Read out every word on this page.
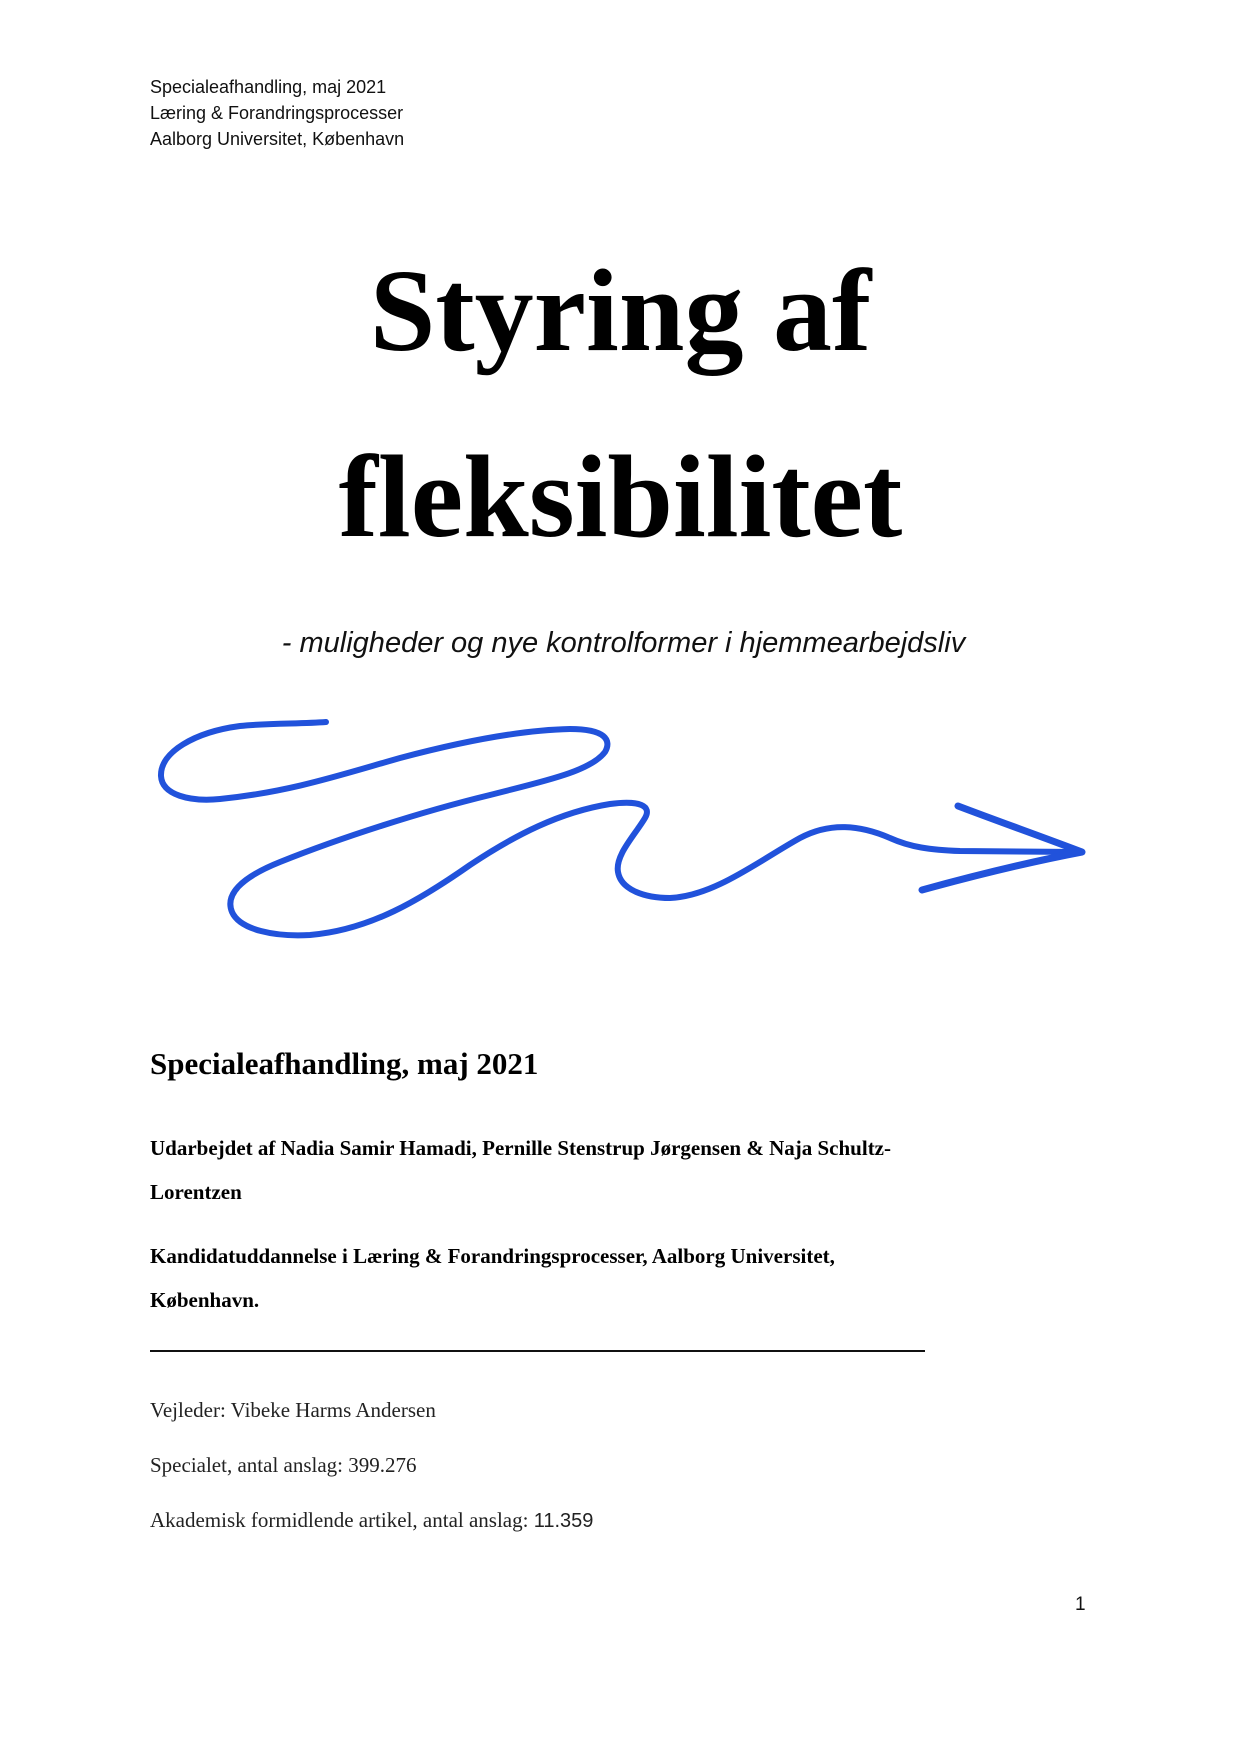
Specialeafhandling, maj 2021
Læring & Forandringsprocesser
Aalborg Universitet, København
Styring af
fleksibilitet
- muligheder og nye kontrolformer i hjemmearbejdsliv
Specialeafhandling, maj 2021
Udarbejdet af Nadia Samir Hamadi, Pernille Stenstrup Jørgensen & Naja Schultz-
Lorentzen
Kandidatuddannelse i Læring & Forandringsprocesser, Aalborg Universitet,
København.
Vejleder: Vibeke Harms Andersen
Specialet, antal anslag: 399.276
Akademisk formidlende artikel, antal anslag: 11.359
1
